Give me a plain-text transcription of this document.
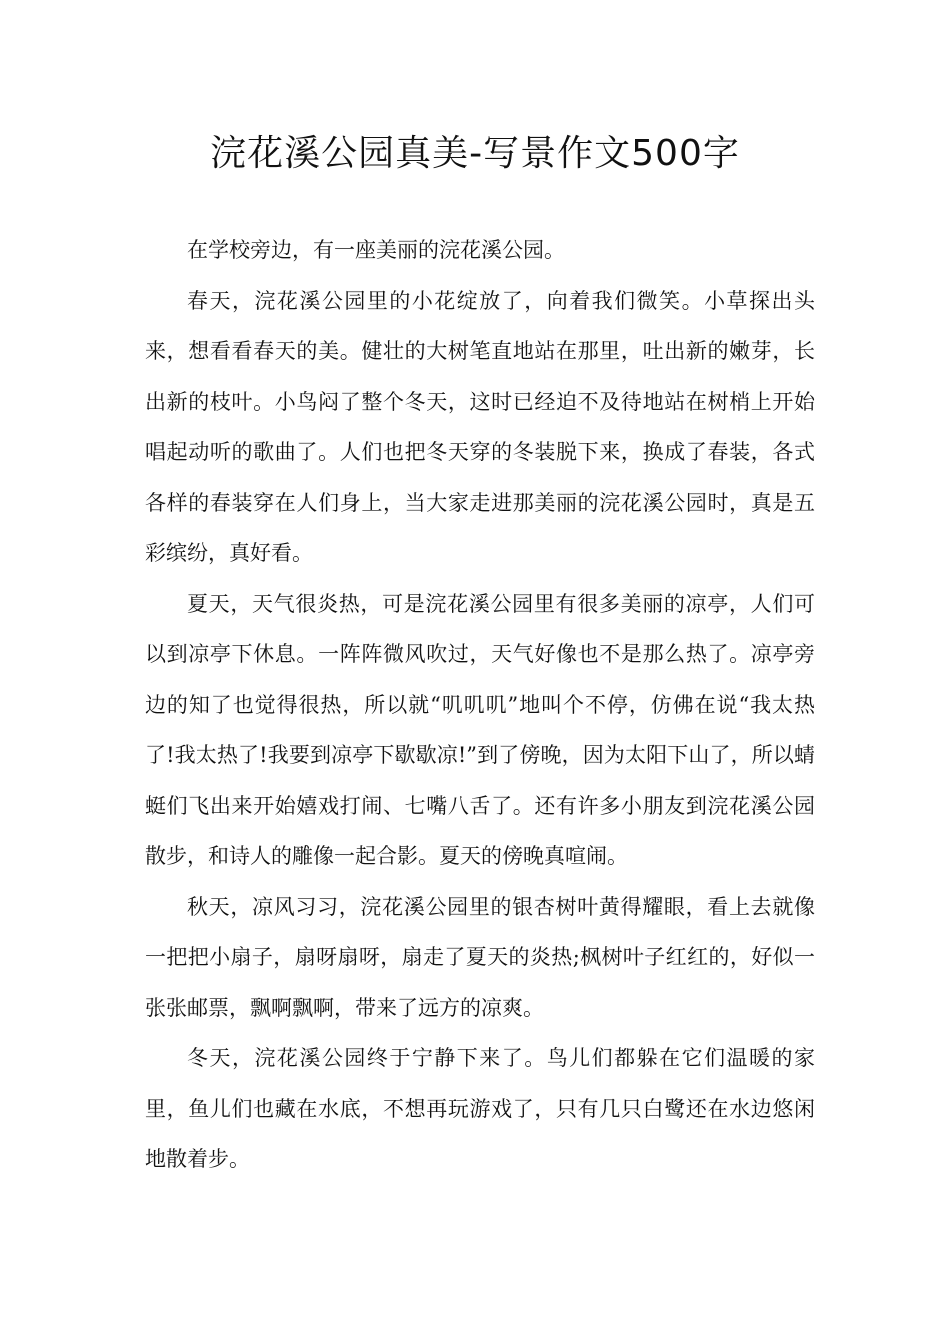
浣花溪公园真美-写景作文500字

在学校旁边，有一座美丽的浣花溪公园。

春天，浣花溪公园里的小花绽放了，向着我们微笑。小草探出头来，想看看春天的美。健壮的大树笔直地站在那里，吐出新的嫩芽，长出新的枝叶。小鸟闷了整个冬天，这时已经迫不及待地站在树梢上开始唱起动听的歌曲了。人们也把冬天穿的冬装脱下来，换成了春装，各式各样的春装穿在人们身上，当大家走进那美丽的浣花溪公园时，真是五彩缤纷，真好看。

夏天，天气很炎热，可是浣花溪公园里有很多美丽的凉亭，人们可以到凉亭下休息。一阵阵微风吹过，天气好像也不是那么热了。凉亭旁边的知了也觉得很热，所以就“叽叽叽”地叫个不停，仿佛在说“我太热了!我太热了!我要到凉亭下歇歇凉!”到了傍晚，因为太阳下山了，所以蜻蜓们飞出来开始嬉戏打闹、七嘴八舌了。还有许多小朋友到浣花溪公园散步，和诗人的雕像一起合影。夏天的傍晚真喧闹。

秋天，凉风习习，浣花溪公园里的银杏树叶黄得耀眼，看上去就像一把把小扇子，扇呀扇呀，扇走了夏天的炎热;枫树叶子红红的，好似一张张邮票，飘啊飘啊，带来了远方的凉爽。

冬天，浣花溪公园终于宁静下来了。鸟儿们都躲在它们温暖的家里，鱼儿们也藏在水底，不想再玩游戏了，只有几只白鹭还在水边悠闲地散着步。
